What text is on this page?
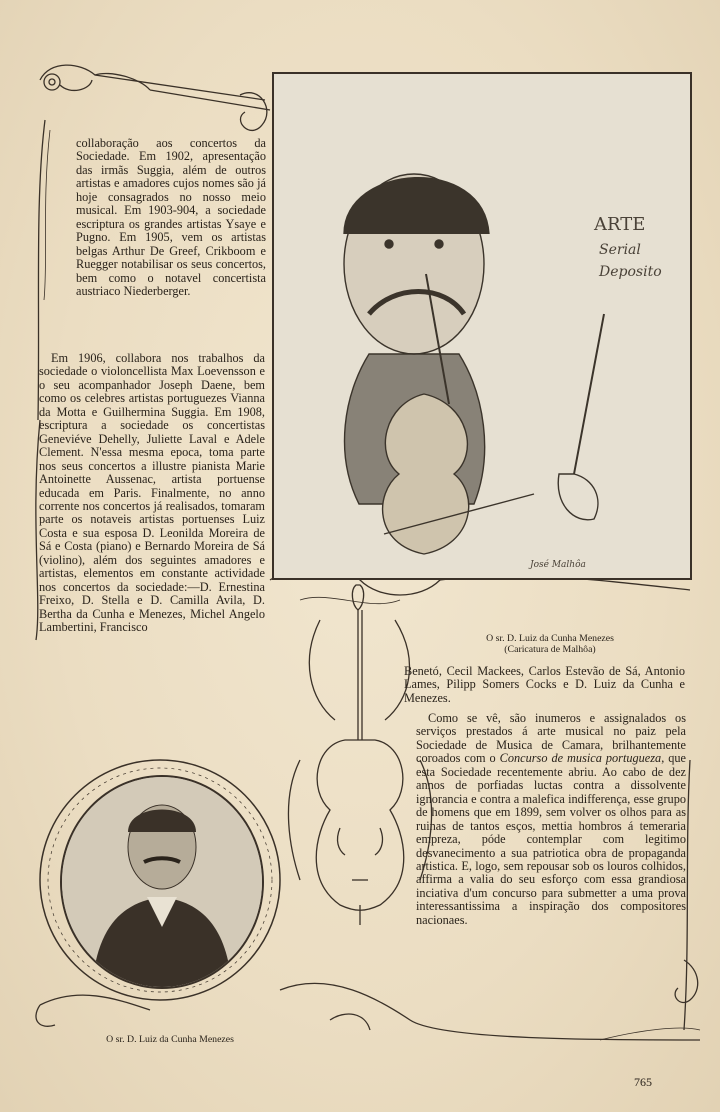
ARTE
Serial
Deposito
José Malhôa
O sr. D. Luiz da Cunha Menezes
(Caricatura de Malhôa)

collaboração aos concertos da Sociedade. Em 1902, apresentação das irmãs Suggia, além de outros artistas e amadores cujos nomes são já hoje consagrados no nosso meio musical. Em 1903-904, a sociedade escriptura os grandes artistas Ysaye e Pugno. Em 1905, vem os artistas belgas Arthur De Greef, Crikboom e Ruegger notabilisar os seus concertos, bem como o notavel concertista austriaco Niederberger.

Em 1906, collabora nos trabalhos da sociedade o violoncellista Max Loevensson e o seu acompanhador Joseph Daene, bem como os celebres artistas portuguezes Vianna da Motta e Guilhermina Suggia. Em 1908, escriptura a sociedade os concertistas Geneviéve Dehelly, Juliette Laval e Adele Clement. N'essa mesma epoca, toma parte nos seus concertos a illustre pianista Marie Antoinette Aussenac, artista portuense educada em Paris. Finalmente, no anno corrente nos concertos já realisados, tomaram parte os notaveis artistas portuenses Luiz Costa e sua esposa D. Leonilda Moreira de Sá e Costa (piano) e Bernardo Moreira de Sá (violino), além dos seguintes amadores e artistas, elementos em constante actividade nos concertos da sociedade:—D. Ernestina Freixo, D. Stella e D. Camilla Avila, D. Bertha da Cunha e Menezes, Michel Angelo Lambertini, Francisco

Benetó, Cecil Mackees, Carlos Estevão de Sá, Antonio Lames, Pilipp Somers Cocks e D. Luiz da Cunha e Menezes.

Como se vê, são inumeros e assignalados os serviços prestados á arte musical no paiz pela Sociedade de Musica de Camara, brilhantemente coroados com o Concurso de musica portugueza, que esta Sociedade recentemente abriu. Ao cabo de dez annos de porfiadas luctas contra a dissolvente ignorancia e contra a malefica indifferença, esse grupo de homens que em 1899, sem volver os olhos para as ruinas de tantos esços, mettia hombros á temeraria empreza, póde contemplar com legitimo desvanecimento a sua patriotica obra de propaganda artistica. E, logo, sem repousar sob os louros colhidos, affirma a valia do seu esforço com essa grandiosa inciativa d'um concurso para submetter a uma prova interessantissima a inspiração dos compositores nacionaes.

O sr. D. Luiz da Cunha Menezes
765
